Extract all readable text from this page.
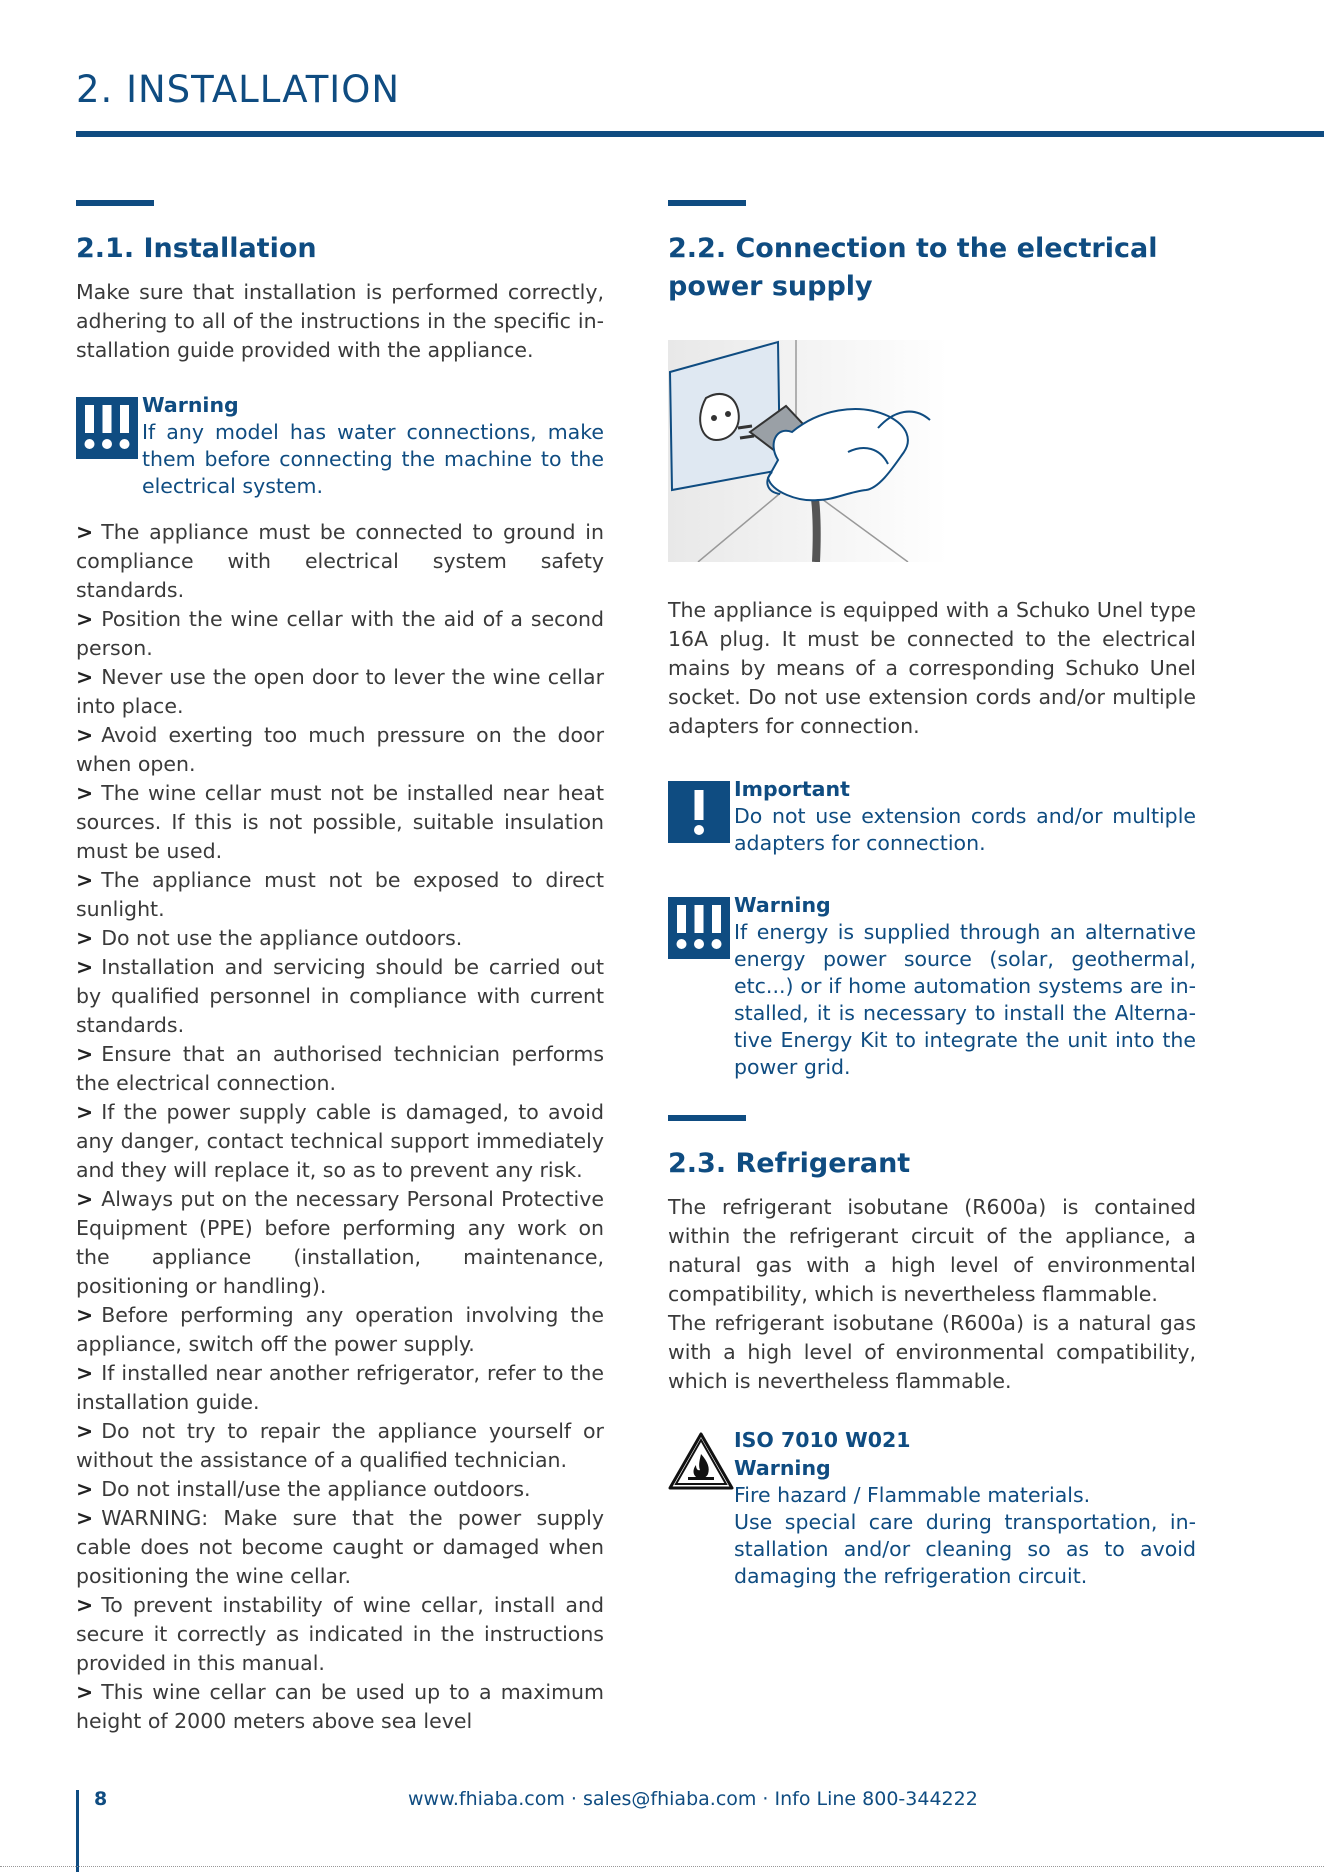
2. INSTALLATION
2.1. Installation

Make sure that installation is performed correctly, adhering to all of the instructions in the specific installation guide provided with the appliance.

Warning
If any model has water connections, make them before connecting the machine to the electrical system.
> The appliance must be connected to ground in compliance with electrical system safety standards.
> Position the wine cellar with the aid of a second person.
> Never use the open door to lever the wine cellar into place.
> Avoid exerting too much pressure on the door when open.
> The wine cellar must not be installed near heat sources. If this is not possible, suitable insulation must be used.
> The appliance must not be exposed to direct sunlight.
> Do not use the appliance outdoors.
> Installation and servicing should be carried out by qualified personnel in compliance with current standards.
> Ensure that an authorised technician performs the electrical connection.
> If the power supply cable is damaged, to avoid any danger, contact technical support immediately and they will replace it, so as to prevent any risk.
> Always put on the necessary Personal Protective Equipment (PPE) before performing any work on the appliance (installation, maintenance, positioning or handling).
> Before performing any operation involving the appliance, switch off the power supply.
> If installed near another refrigerator, refer to the installation guide.
> Do not try to repair the appliance yourself or without the assistance of a qualified technician.
> Do not install/use the appliance outdoors.
> WARNING: Make sure that the power supply cable does not become caught or damaged when positioning the wine cellar.
> To prevent instability of wine cellar, install and secure it correctly as indicated in the instructions provided in this manual.
> This wine cellar can be used up to a maximum height of 2000 meters above sea level
2.2. Connection to the electrical power supply

The appliance is equipped with a Schuko Unel type 16A plug. It must be connected to the electrical mains by means of a corresponding Schuko Unel socket. Do not use extension cords and/or multiple adapters for connection.

Important
Do not use extension cords and/or multiple adapters for connection.
Warning
If energy is supplied through an alternative energy power source (solar, geothermal, etc...) or if home automation systems are installed, it is necessary to install the Alternative Energy Kit to integrate the unit into the power grid.
2.3. Refrigerant

The refrigerant isobutane (R600a) is contained within the refrigerant circuit of the appliance, a natural gas with a high level of environmental compatibility, which is nevertheless flammable.

The refrigerant isobutane (R600a) is a natural gas with a high level of environmental compatibility, which is nevertheless flammable.

ISO 7010 W021
Warning
Fire hazard / Flammable materials.
Use special care during transportation, installation and/or cleaning so as to avoid damaging the refrigeration circuit.
8	www.fhiaba.com · sales@fhiaba.com · Info Line 800-344222
